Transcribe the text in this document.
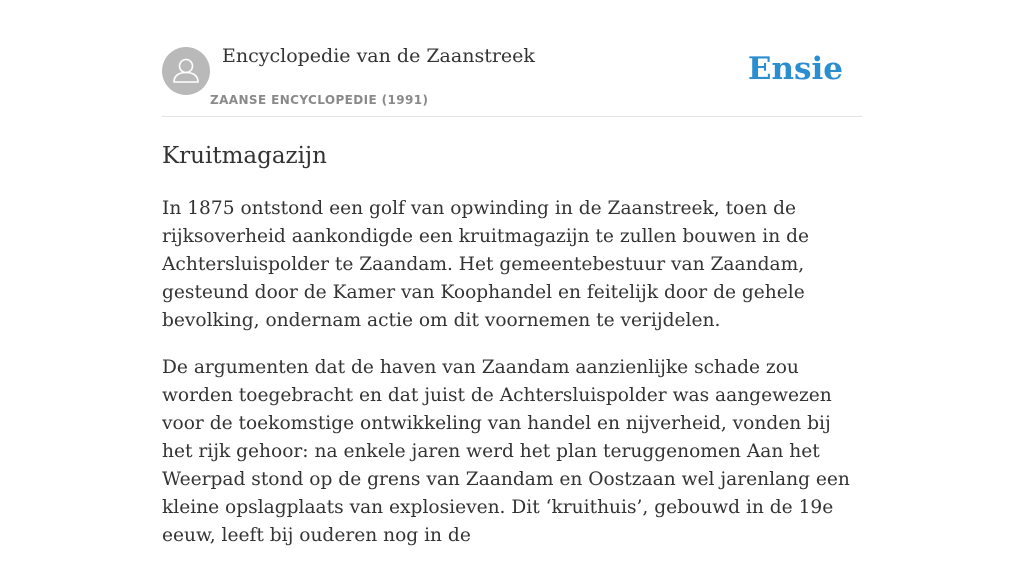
Encyclopedie van de Zaanstreek
ZAANSE ENCYCLOPEDIE (1991)
Ensie
Kruitmagazijn

In 1875 ontstond een golf van opwinding in de Zaanstreek, toen de rijksoverheid aankondigde een kruitmagazijn te zullen bouwen in de Achtersluispolder te Zaandam. Het gemeentebestuur van Zaandam, gesteund door de Kamer van Koophandel en feitelijk door de gehele bevolking, ondernam actie om dit voornemen te verijdelen.

De argumenten dat de haven van Zaandam aanzienlijke schade zou worden toegebracht en dat juist de Achtersluispolder was aangewezen voor de toekomstige ontwikkeling van handel en nijverheid, vonden bij het rijk gehoor: na enkele jaren werd het plan teruggenomen Aan het Weerpad stond op de grens van Zaandam en Oostzaan wel jarenlang een kleine opslagplaats van explosieven. Dit ‘kruithuis’, gebouwd in de 19e eeuw, leeft bij ouderen nog in de
